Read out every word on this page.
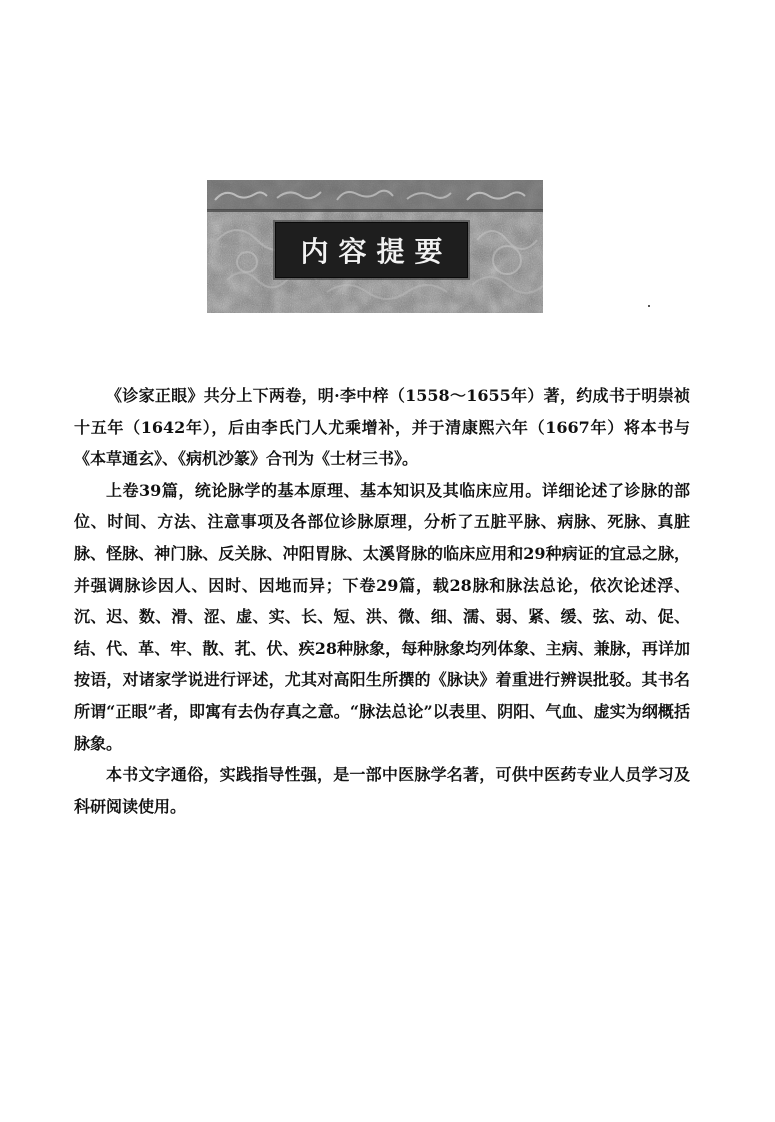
内容提要

《诊家正眼》共分上下两卷，明·李中梓（1558～1655年）著，约成书于明崇祯十五年（1642年），后由李氏门人尤乘增补，并于清康熙六年（1667年）将本书与《本草通玄》、《病机沙篆》合刊为《士材三书》。

上卷39篇，统论脉学的基本原理、基本知识及其临床应用。详细论述了诊脉的部位、时间、方法、注意事项及各部位诊脉原理，分析了五脏平脉、病脉、死脉、真脏脉、怪脉、神门脉、反关脉、冲阳胃脉、太溪肾脉的临床应用和29种病证的宜忌之脉，并强调脉诊因人、因时、因地而异；下卷29篇，载28脉和脉法总论，依次论述浮、沉、迟、数、滑、涩、虚、实、长、短、洪、微、细、濡、弱、紧、缓、弦、动、促、结、代、革、牢、散、芤、伏、疾28种脉象，每种脉象均列体象、主病、兼脉，再详加按语，对诸家学说进行评述，尤其对高阳生所撰的《脉诀》着重进行辨误批驳。其书名所谓“正眼”者，即寓有去伪存真之意。“脉法总论”以表里、阴阳、气血、虚实为纲概括脉象。

本书文字通俗，实践指导性强，是一部中医脉学名著，可供中医药专业人员学习及科研阅读使用。
